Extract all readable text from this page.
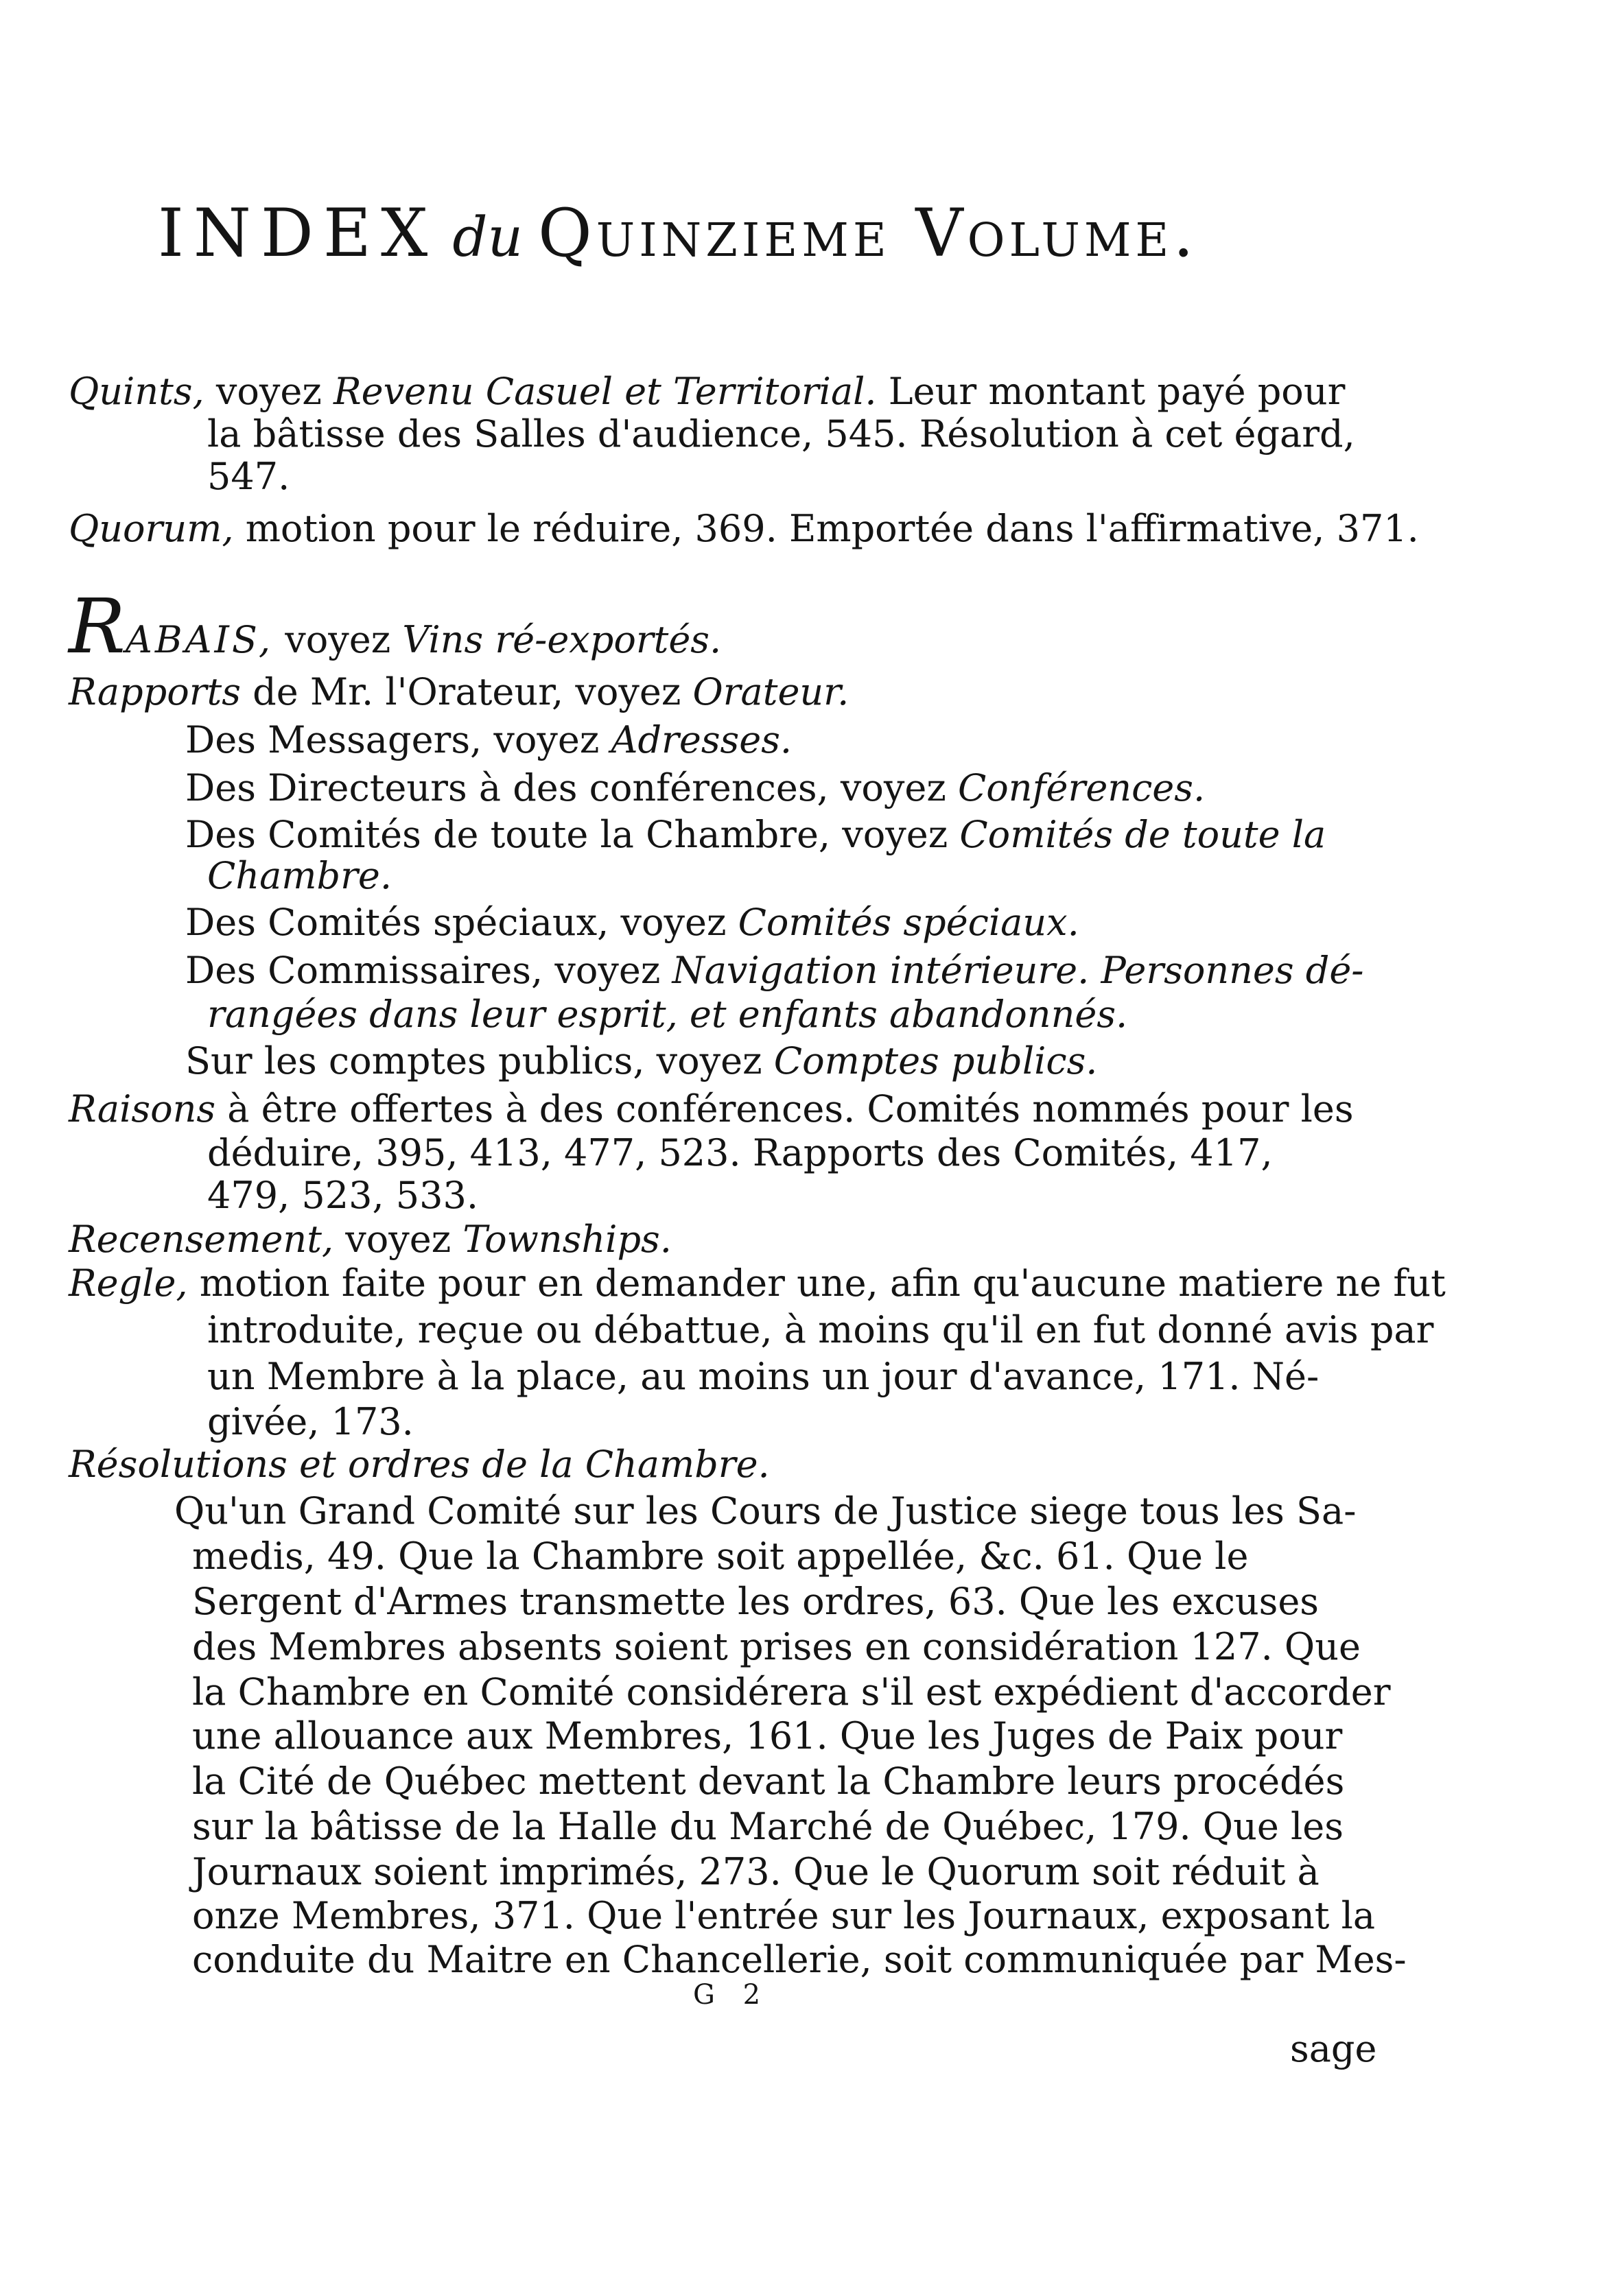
INDEX du Quinzieme Volume.
Quints, voyez Revenu Casuel et Territorial. Leur montant payé pour
la bâtisse des Salles d'audience, 545. Résolution à cet égard,
547.
Quorum, motion pour le réduire, 369. Emportée dans l'affirmative, 371.
RABAIS, voyez Vins ré-exportés.
Rapports de Mr. l'Orateur, voyez Orateur.
Des Messagers, voyez Adresses.
Des Directeurs à des conférences, voyez Conférences.
Des Comités de toute la Chambre, voyez Comités de toute la
Chambre.
Des Comités spéciaux, voyez Comités spéciaux.
Des Commissaires, voyez Navigation intérieure. Personnes dé-
rangées dans leur esprit, et enfants abandonnés.
Sur les comptes publics, voyez Comptes publics.
Raisons à être offertes à des conférences. Comités nommés pour les
déduire, 395, 413, 477, 523. Rapports des Comités, 417,
479, 523, 533.
Recensement, voyez Townships.
Regle, motion faite pour en demander une, afin qu'aucune matiere ne fut
introduite, reçue ou débattue, à moins qu'il en fut donné avis par
un Membre à la place, au moins un jour d'avance, 171. Né-
givée, 173.
Résolutions et ordres de la Chambre.
Qu'un Grand Comité sur les Cours de Justice siege tous les Sa-
medis, 49. Que la Chambre soit appellée, &c. 61. Que le
Sergent d'Armes transmette les ordres, 63. Que les excuses
des Membres absents soient prises en considération 127. Que
la Chambre en Comité considérera s'il est expédient d'accorder
une allouance aux Membres, 161. Que les Juges de Paix pour
la Cité de Québec mettent devant la Chambre leurs procédés
sur la bâtisse de la Halle du Marché de Québec, 179. Que les
Journaux soient imprimés, 273. Que le Quorum soit réduit à
onze Membres, 371. Que l'entrée sur les Journaux, exposant la
conduite du Maitre en Chancellerie, soit communiquée par Mes-
G 2
sage
